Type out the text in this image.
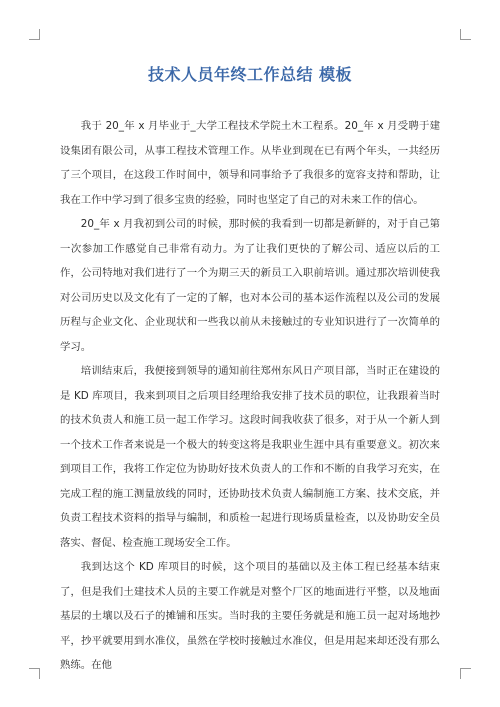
技术人员年终工作总结 模板

我于 20_年 x 月毕业于_大学工程技术学院土木工程系。20_年 x 月受聘于建设集团有限公司，从事工程技术管理工作。从毕业到现在已有两个年头，一共经历了三个项目，在这段工作时间中，领导和同事给予了我很多的宽容支持和帮助，让我在工作中学习到了很多宝贵的经验，同时也坚定了自己的对未来工作的信心。

20_年 x 月我初到公司的时候，那时候的我看到一切都是新鲜的，对于自己第一次参加工作感觉自己非常有动力。为了让我们更快的了解公司、适应以后的工作，公司特地对我们进行了一个为期三天的新员工入职前培训。通过那次培训使我对公司历史以及文化有了一定的了解，也对本公司的基本运作流程以及公司的发展历程与企业文化、企业现状和一些我以前从未接触过的专业知识进行了一次简单的学习。

培训结束后，我便接到领导的通知前往郑州东风日产项目部，当时正在建设的是 KD 库项目，我来到项目之后项目经理给我安排了技术员的职位，让我跟着当时的技术负责人和施工员一起工作学习。这段时间我收获了很多，对于从一个新人到一个技术工作者来说是一个极大的转变这将是我职业生涯中具有重要意义。初次来到项目工作，我将工作定位为协助好技术负责人的工作和不断的自我学习充实，在完成工程的施工测量放线的同时，还协助技术负责人编制施工方案、技术交底，并负责工程技术资料的指导与编制，和质检一起进行现场质量检查，以及协助安全员落实、督促、检查施工现场安全工作。

我到达这个 KD 库项目的时候，这个项目的基础以及主体工程已经基本结束了，但是我们土建技术人员的主要工作就是对整个厂区的地面进行平整，以及地面基层的土壤以及石子的摊铺和压实。当时我的主要任务就是和施工员一起对场地抄平，抄平就要用到水准仪，虽然在学校时接触过水准仪，但是用起来却还没有那么熟练。在他
